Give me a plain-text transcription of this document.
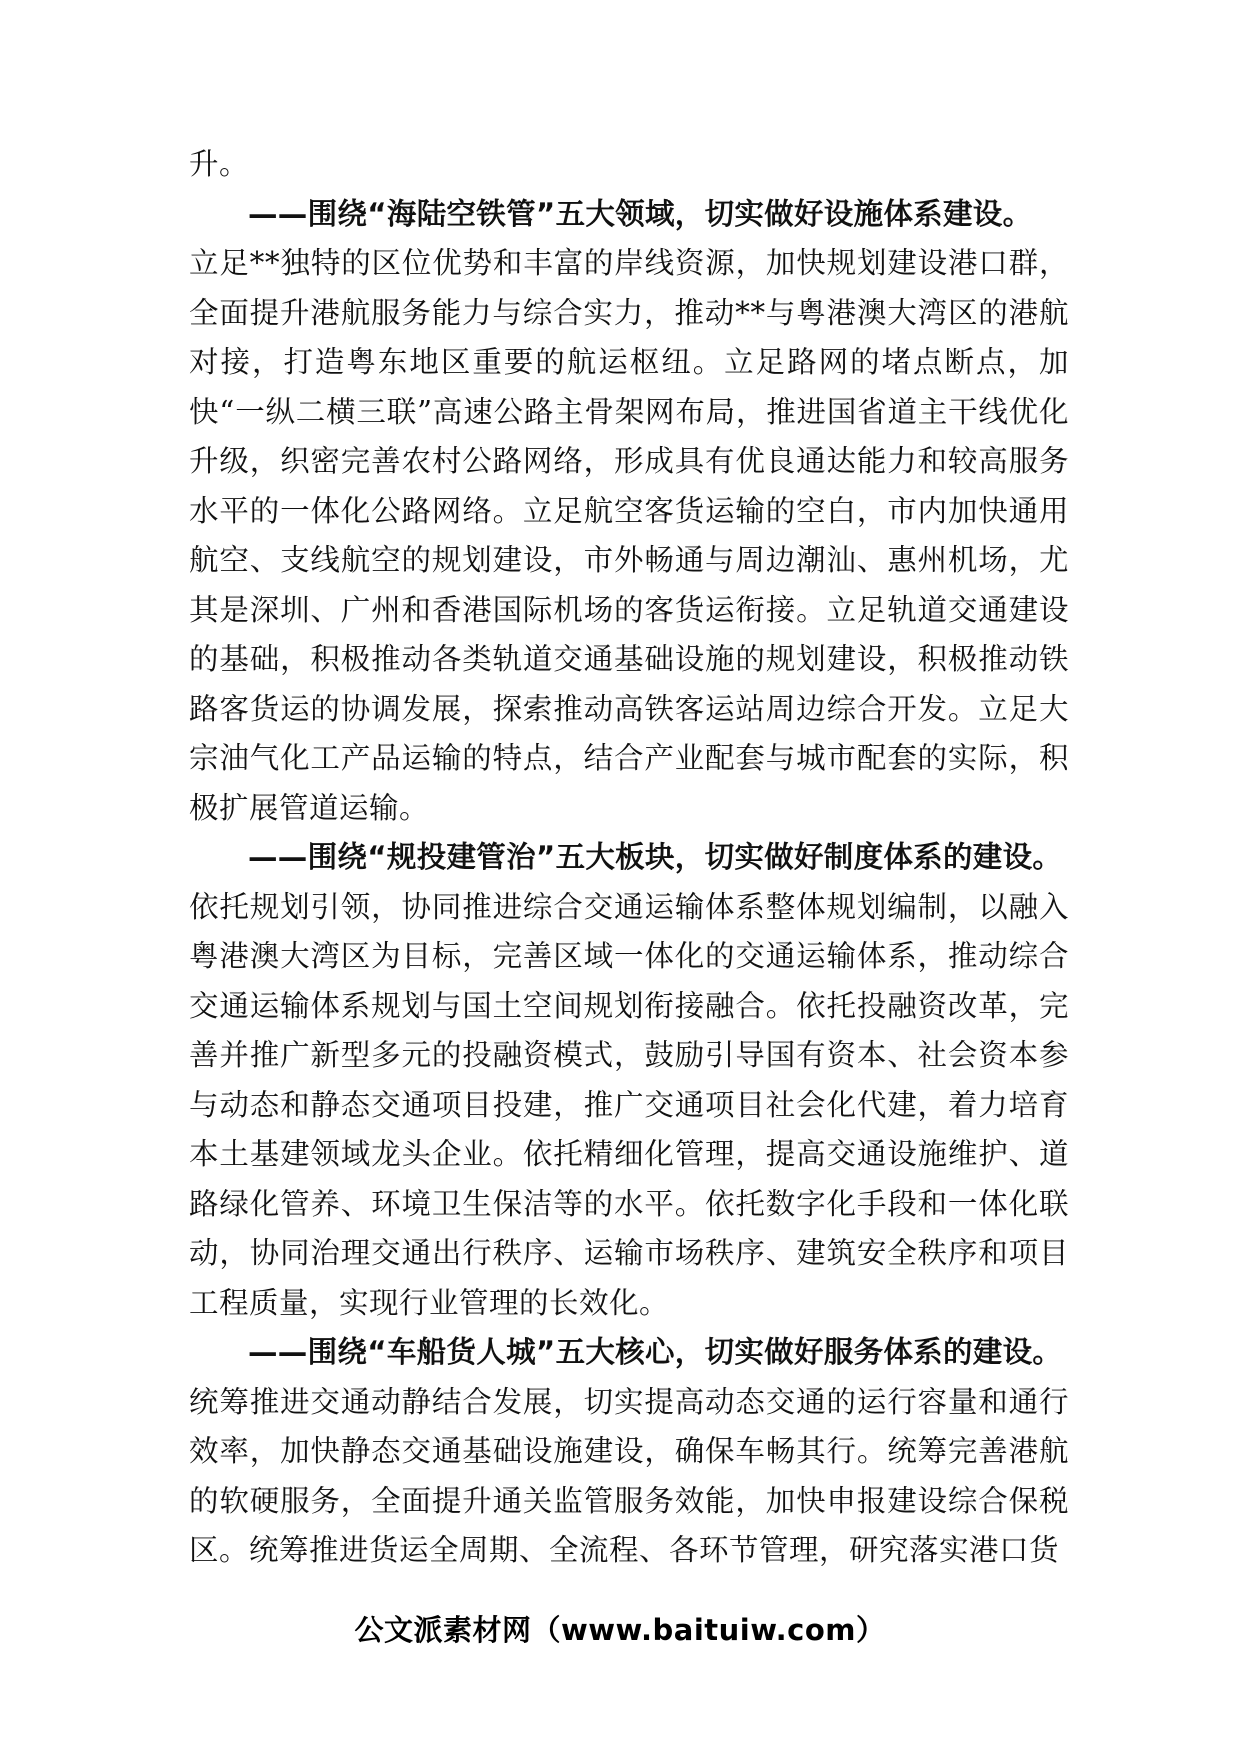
升。

——围绕“海陆空铁管”五大领域，切实做好设施体系建设。

立足**独特的区位优势和丰富的岸线资源，加快规划建设港口群，全面提升港航服务能力与综合实力，推动**与粤港澳大湾区的港航对接，打造粤东地区重要的航运枢纽。立足路网的堵点断点，加快“一纵二横三联”高速公路主骨架网布局，推进国省道主干线优化升级，织密完善农村公路网络，形成具有优良通达能力和较高服务水平的一体化公路网络。立足航空客货运输的空白，市内加快通用航空、支线航空的规划建设，市外畅通与周边潮汕、惠州机场，尤其是深圳、广州和香港国际机场的客货运衔接。立足轨道交通建设的基础，积极推动各类轨道交通基础设施的规划建设，积极推动铁路客货运的协调发展，探索推动高铁客运站周边综合开发。立足大宗油气化工产品运输的特点，结合产业配套与城市配套的实际，积极扩展管道运输。

——围绕“规投建管治”五大板块，切实做好制度体系的建设。

依托规划引领，协同推进综合交通运输体系整体规划编制，以融入粤港澳大湾区为目标，完善区域一体化的交通运输体系，推动综合交通运输体系规划与国土空间规划衔接融合。依托投融资改革，完善并推广新型多元的投融资模式，鼓励引导国有资本、社会资本参与动态和静态交通项目投建，推广交通项目社会化代建，着力培育本土基建领域龙头企业。依托精细化管理，提高交通设施维护、道路绿化管养、环境卫生保洁等的水平。依托数字化手段和一体化联动，协同治理交通出行秩序、运输市场秩序、建筑安全秩序和项目工程质量，实现行业管理的长效化。

——围绕“车船货人城”五大核心，切实做好服务体系的建设。

统筹推进交通动静结合发展，切实提高动态交通的运行容量和通行效率，加快静态交通基础设施建设，确保车畅其行。统筹完善港航的软硬服务，全面提升通关监管服务效能，加快申报建设综合保税区。统筹推进货运全周期、全流程、各环节管理，研究落实港口货

公文派素材网（www.baituiw.com）
